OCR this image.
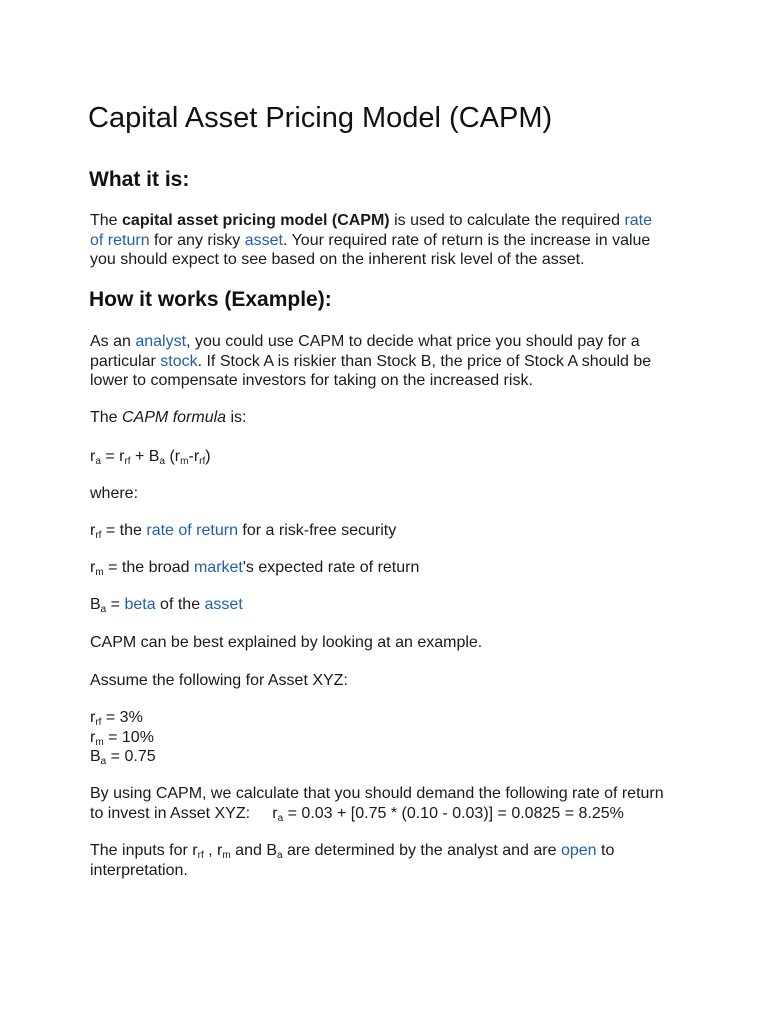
Capital Asset Pricing Model (CAPM)
What it is:

The capital asset pricing model (CAPM) is used to calculate the required rate
of return for any risky asset. Your required rate of return is the increase in value
you should expect to see based on the inherent risk level of the asset.

How it works (Example):

As an analyst, you could use CAPM to decide what price you should pay for a
particular stock. If Stock A is riskier than Stock B, the price of Stock A should be
lower to compensate investors for taking on the increased risk.

The CAPM formula is:

$r_a = r_{rf} + B_a$ $(r_m-r_{rf})$

where:

$r_{rf}$ = the rate of return for a risk-free security

$r_m$ = the broad market's expected rate of return

$B_a$ = beta of the asset

CAPM can be best explained by looking at an example.

Assume the following for Asset XYZ:

$r_{rf} = 3\%$
$r_m = 10\%$
$B_a = 0.75$

By using CAPM, we calculate that you should demand the following rate of return
to invest in Asset XYZ:     $r_a = 0.03 + [0.75 * (0.10 - 0.03)] = 0.0825 = 8.25\%$

The inputs for $r_{rf}$ , $r_m$ and $B_a$ are determined by the analyst and are open to
interpretation.
